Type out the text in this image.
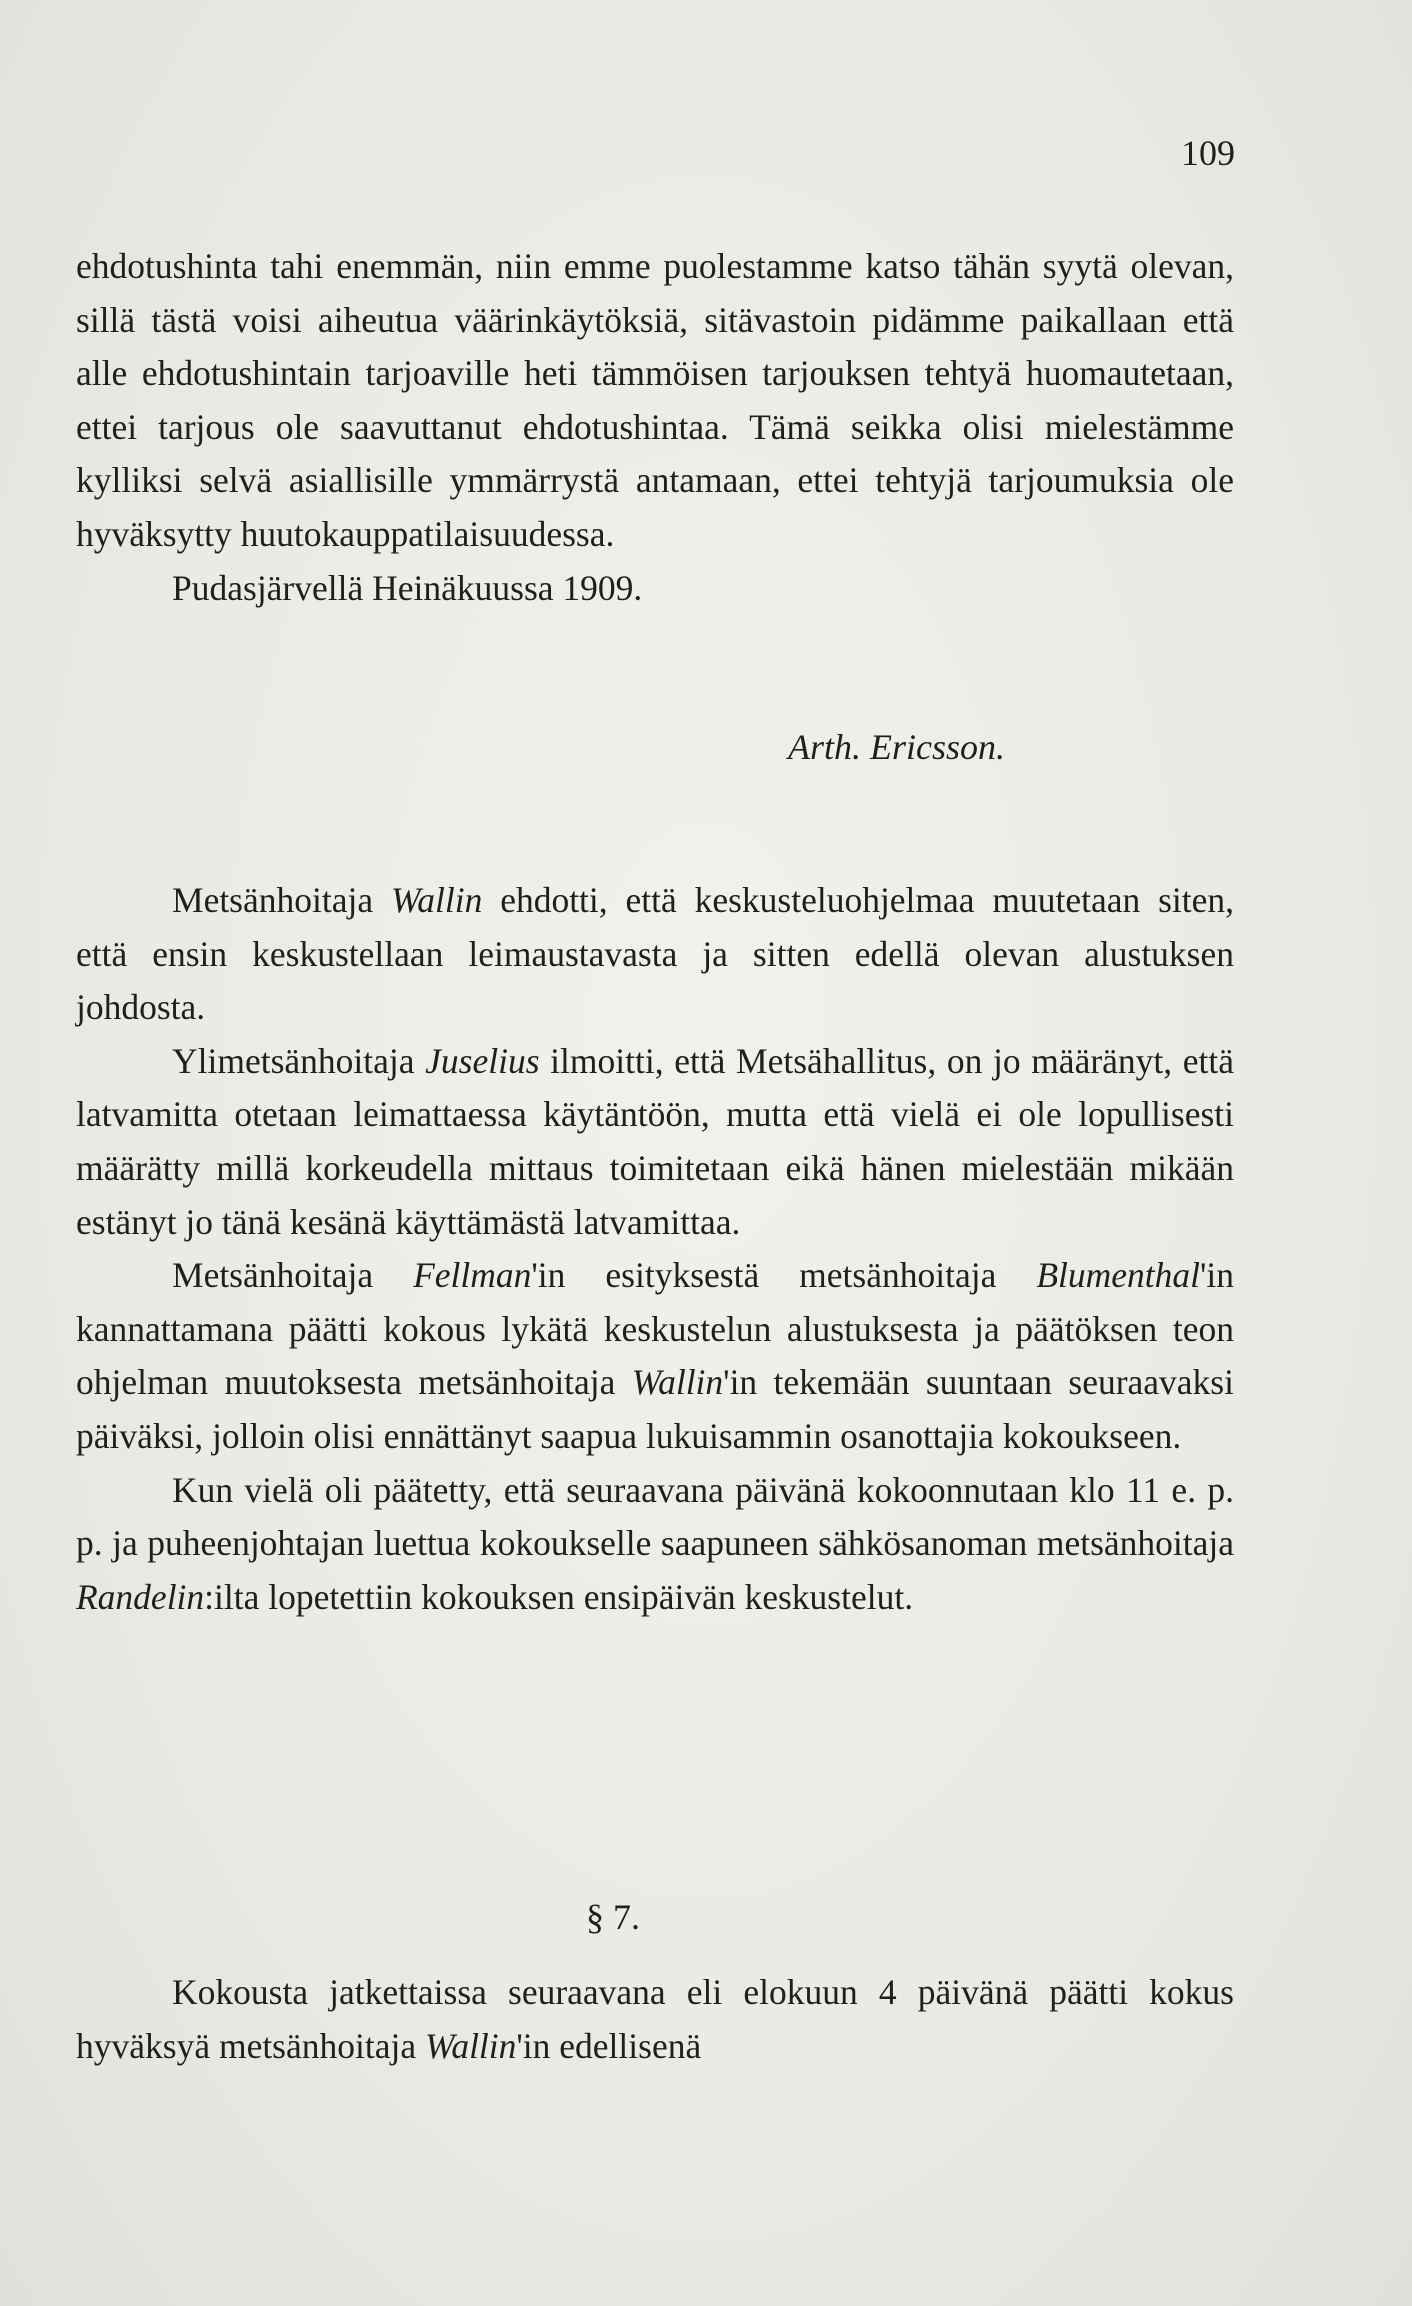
109

ehdotushinta tahi enemmän, niin emme puolestamme katso tähän syytä olevan, sillä tästä voisi aiheutua väärinkäytöksiä, sitävastoin pidämme paikallaan että alle ehdotushintain tarjoaville heti tämmöisen tarjouksen tehtyä huomautetaan, ettei tarjous ole saavuttanut ehdotushintaa. Tämä seikka olisi mielestämme kylliksi selvä asiallisille ymmärrystä antamaan, ettei tehtyjä tarjoumuksia ole hyväksytty huutokauppatilaisuudessa.

Pudasjärvellä Heinäkuussa 1909.

Arth. Ericsson.

Metsänhoitaja Wallin ehdotti, että keskusteluohjelmaa muutetaan siten, että ensin keskustellaan leimaustavasta ja sitten edellä olevan alustuksen johdosta.

Ylimetsänhoitaja Juselius ilmoitti, että Metsähallitus, on jo määränyt, että latvamitta otetaan leimattaessa käytäntöön, mutta että vielä ei ole lopullisesti määrätty millä korkeudella mittaus toimitetaan eikä hänen mielestään mikään estänyt jo tänä kesänä käyttämästä latvamittaa.

Metsänhoitaja Fellman'in esityksestä metsänhoitaja Blumenthal'in kannattamana päätti kokous lykätä keskustelun alustuksesta ja päätöksen teon ohjelman muutoksesta metsänhoitaja Wallin'in tekemään suuntaan seuraavaksi päiväksi, jolloin olisi ennättänyt saapua lukuisammin osanottajia kokoukseen.

Kun vielä oli päätetty, että seuraavana päivänä kokoonnutaan klo 11 e. p. p. ja puheenjohtajan luettua kokoukselle saapuneen sähkösanoman metsänhoitaja Randelin:ilta lopetettiin kokouksen ensipäivän keskustelut.

§ 7.

Kokousta jatkettaissa seuraavana eli elokuun 4 päivänä päätti kokus hyväksyä metsänhoitaja Wallin'in edellisenä
